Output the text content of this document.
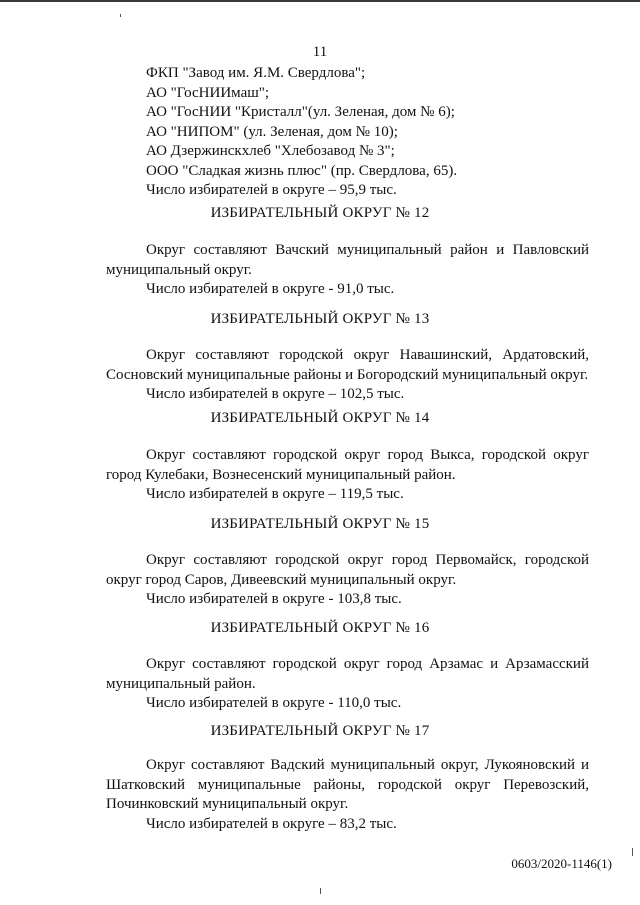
11
ФКП "Завод им. Я.М. Свердлова";
АО "ГосНИИмаш";
АО "ГосНИИ "Кристалл"(ул. Зеленая, дом № 6);
АО "НИПОМ" (ул. Зеленая, дом № 10);
АО Дзержинскхлеб "Хлебозавод № 3";
ООО "Сладкая жизнь плюс" (пр. Свердлова, 65).
Число избирателей в округе – 95,9 тыс.
ИЗБИРАТЕЛЬНЫЙ ОКРУГ № 12
Округ составляют Вачский муниципальный район и Павловский
муниципальный округ.
Число избирателей в округе - 91,0 тыс.
ИЗБИРАТЕЛЬНЫЙ ОКРУГ № 13
Округ составляют городской округ Навашинский, Ардатовский,
Сосновский муниципальные районы и Богородский муниципальный округ.
Число избирателей в округе – 102,5 тыс.
ИЗБИРАТЕЛЬНЫЙ ОКРУГ № 14
Округ составляют городской округ город Выкса, городской округ
город Кулебаки, Вознесенский муниципальный район.
Число избирателей в округе – 119,5 тыс.
ИЗБИРАТЕЛЬНЫЙ ОКРУГ № 15
Округ составляют городской округ город Первомайск, городской
округ город Саров, Дивеевский муниципальный округ.
Число избирателей в округе - 103,8 тыс.
ИЗБИРАТЕЛЬНЫЙ ОКРУГ № 16
Округ составляют городской округ город Арзамас и Арзамасский
муниципальный район.
Число избирателей в округе - 110,0 тыс.
ИЗБИРАТЕЛЬНЫЙ ОКРУГ № 17
Округ составляют Вадский муниципальный округ, Лукояновский и
Шатковский муниципальные районы, городской округ Перевозский,
Починковский муниципальный округ.
Число избирателей в округе – 83,2 тыс.
0603/2020-1146(1)
